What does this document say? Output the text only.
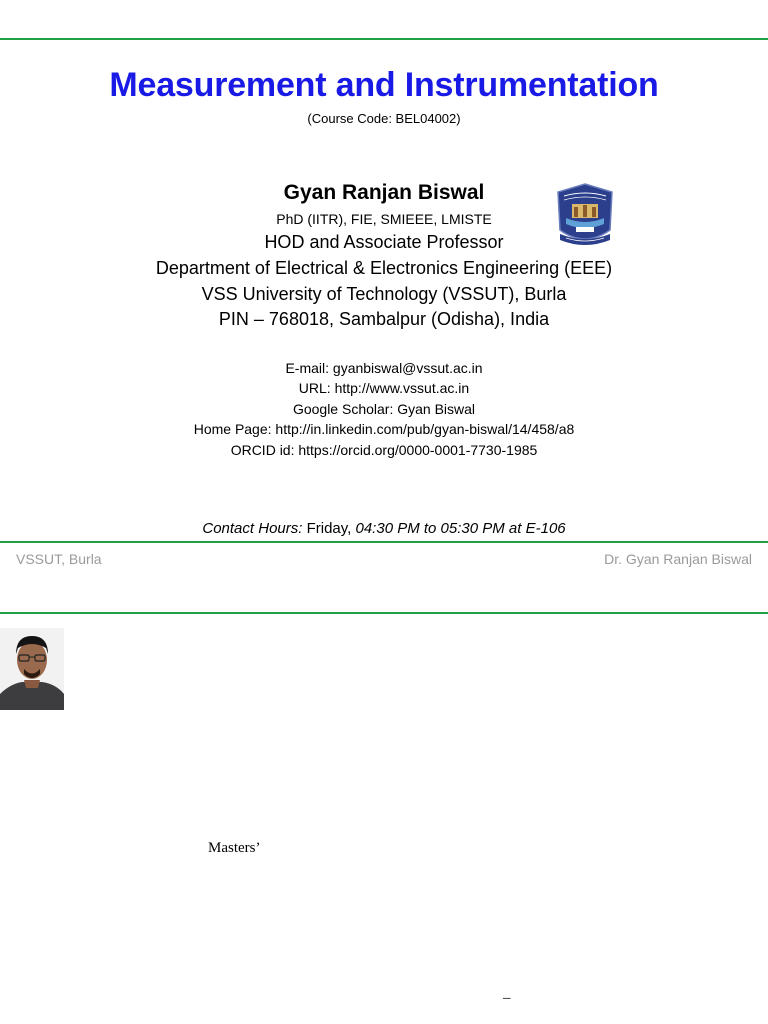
Measurement and Instrumentation
(Course Code: BEL04002)
Gyan Ranjan Biswal
PhD (IITR), FIE, SMIEEE, LMISTE
HOD and Associate Professor
Department of Electrical & Electronics Engineering (EEE)
VSS University of Technology (VSSUT), Burla
PIN – 768018, Sambalpur (Odisha), India
E-mail: gyanbiswal@vssut.ac.in
URL: http://www.vssut.ac.in
Google Scholar: Gyan Biswal
Home Page: http://in.linkedin.com/pub/gyan-biswal/14/458/a8
ORCID id: https://orcid.org/0000-0001-7730-1985
Contact Hours: Friday, 04:30 PM to 05:30 PM at E-106
VSSUT, Burla	Dr. Gyan Ranjan Biswal
Masters’
–
